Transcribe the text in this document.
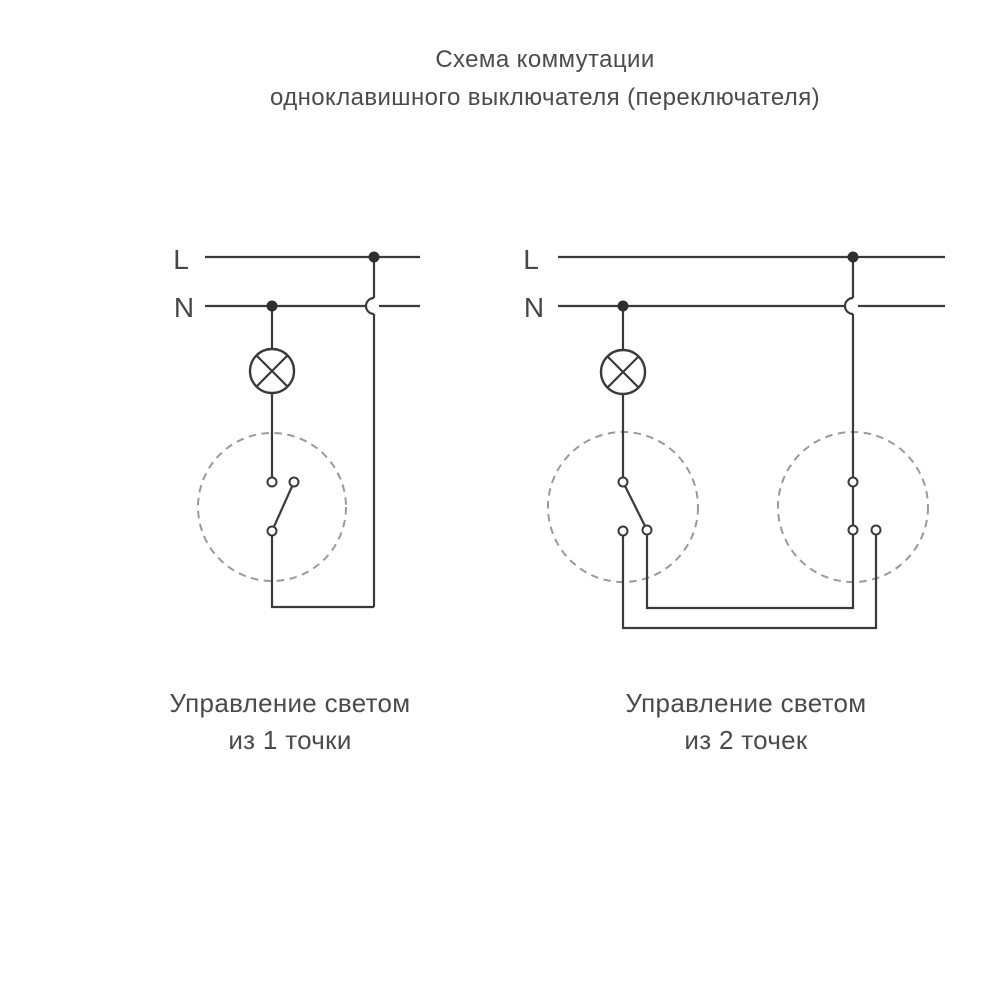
Схема коммутации
одноклавишного выключателя (переключателя)
L
N
L
N
Управление светом
из 1 точки
Управление светом
из 2 точек
